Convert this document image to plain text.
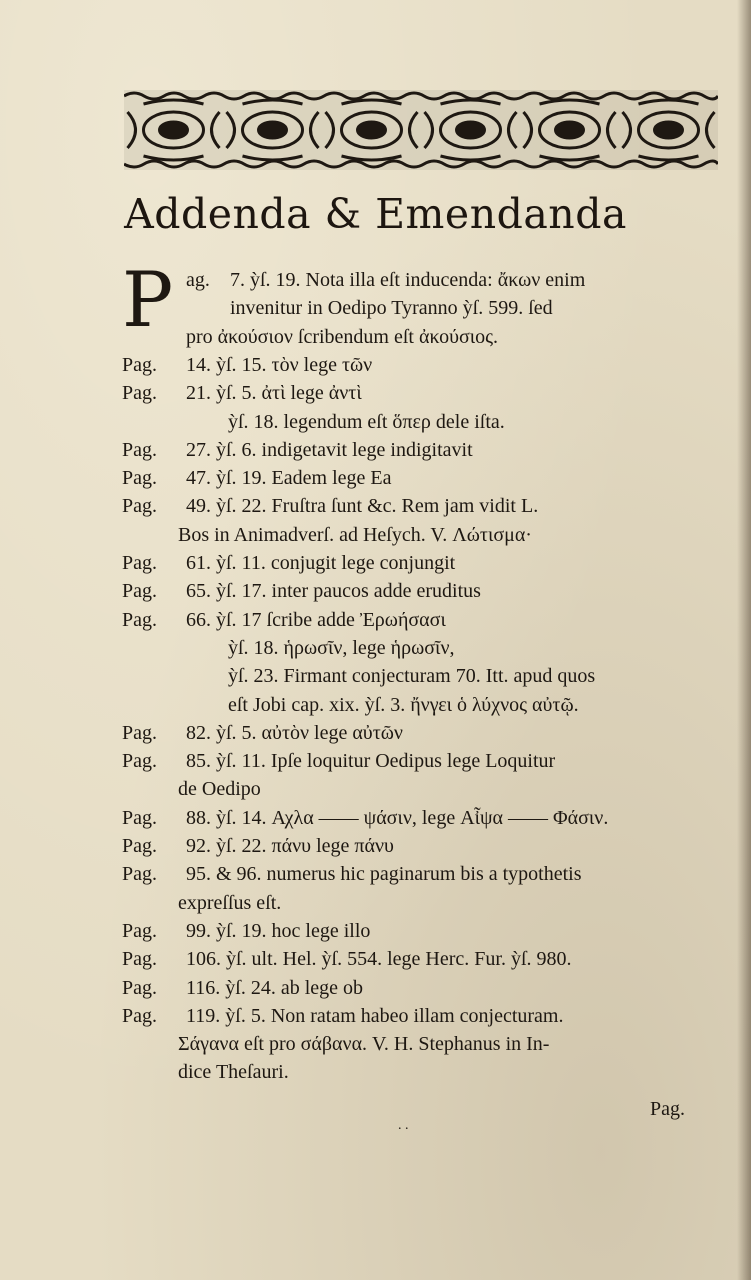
Addenda & Emendanda
P ag. 7. ỳſ. 19. Nota illa eſt inducenda: ἄκων enim
invenitur in Oedipo Tyranno ỳſ. 599. ſed
pro ἀκούσιον ſcribendum eſt ἀκούσιος.
Pag.	14. ỳſ. 15. τὸν lege τῶν
Pag.	21. ỳſ. 5. ἀτὶ lege ἀντὶ
ỳſ. 18. legendum eſt ὅπερ dele iſta.
Pag.	27. ỳſ. 6. indigetavit lege indigitavit
Pag.	47. ỳſ. 19. Eadem lege Ea
Pag.	49. ỳſ. 22. Fruſtra ſunt &c. Rem jam vidit L.
Bos in Animadverſ. ad Heſych. V. Λώτισμα·
Pag.	61. ỳſ. 11. conjugit lege conjungit
Pag.	65. ỳſ. 17. inter paucos adde eruditus
Pag.	66. ỳſ. 17 ſcribe adde Ἐρωήσασι
ỳſ. 18. ἡρωσῖν, lege ἡρωσῖν,
ỳſ. 23. Firmant conjecturam 70. Itt. apud quos
eſt Jobi cap. xix. ỳſ. 3. ἤνγει ὁ λύχνος αὐτῷ.
Pag.	82. ỳſ. 5. αὐτὸν lege αὐτῶν
Pag.	85. ỳſ. 11. Ipſe loquitur Oedipus lege Loquitur
de Oedipo
Pag.	88. ỳſ. 14. Αχλα —— ψάσιν, lege Αἶψα —— Φάσιν.
Pag.	92. ỳſ. 22. πάνυ lege πάνυ
Pag.	95. & 96. numerus hic paginarum bis a typothetis
expreſſus eſt.
Pag.	99. ỳſ. 19. hoc lege illo
Pag.	106. ỳſ. ult. Hel. ỳſ. 554. lege Herc. Fur. ỳſ. 980.
Pag.	116. ỳſ. 24. ab lege ob
Pag.	119. ỳſ. 5. Non ratam habeo illam conjecturam.
Σάγανα eſt pro σάβανα. V. H. Stephanus in In-
dice Theſauri.
Pag.
. .
